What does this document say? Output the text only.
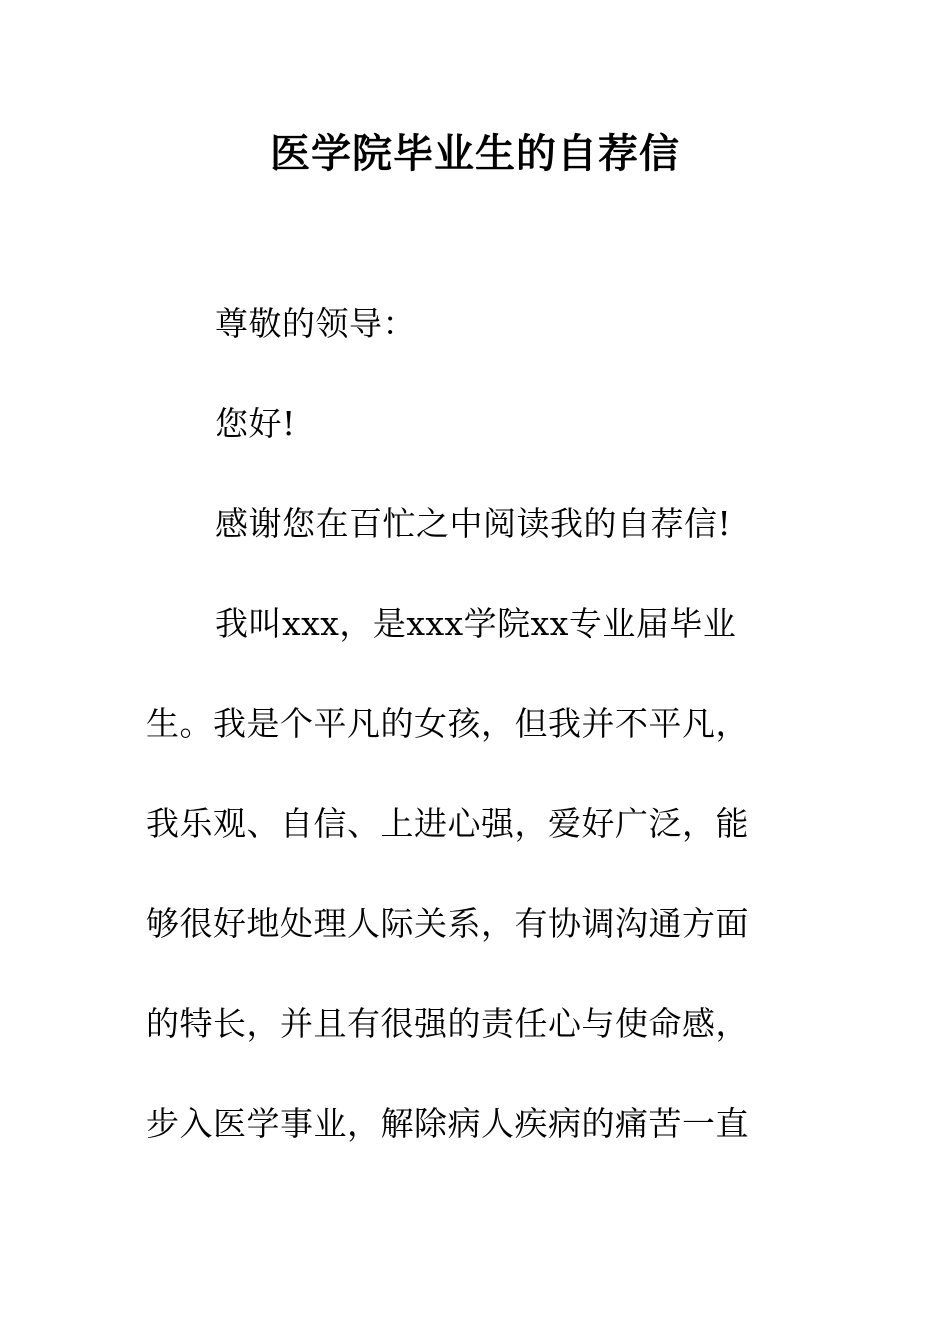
医学院毕业生的自荐信
尊敬的领导：
您好!
感谢您在百忙之中阅读我的自荐信!
我叫xxx，是xxx学院xx专业届毕业
生。我是个平凡的女孩，但我并不平凡，
我乐观、自信、上进心强，爱好广泛，能
够很好地处理人际关系，有协调沟通方面
的特长，并且有很强的责任心与使命感，
步入医学事业，解除病人疾病的痛苦一直
